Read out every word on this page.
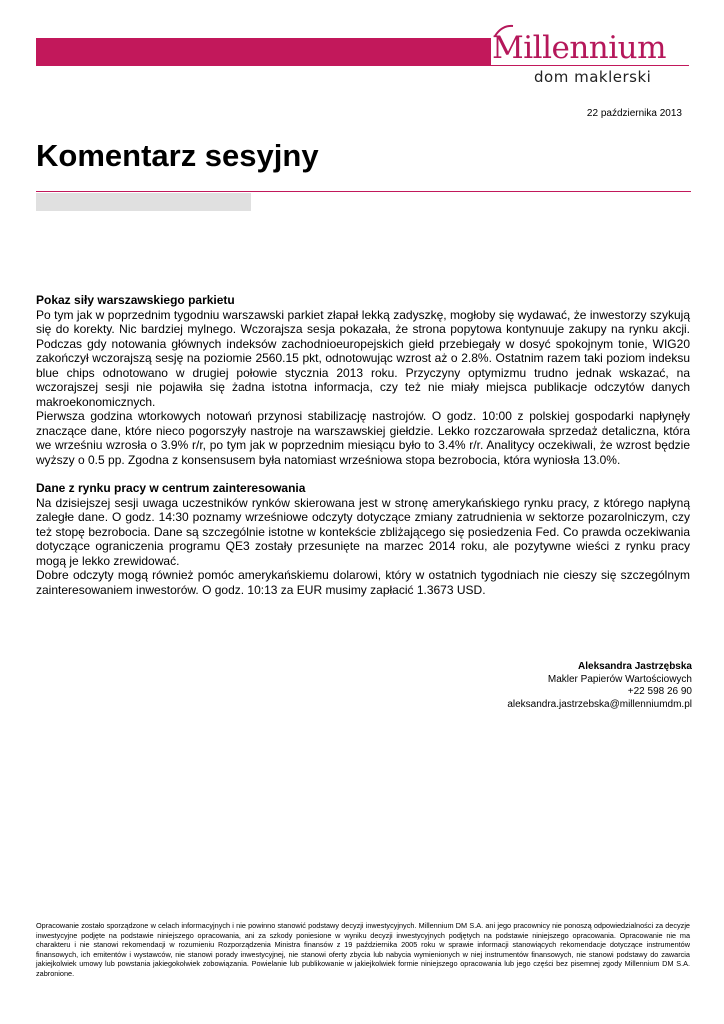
Millennium
dom maklerski
22 października 2013
Komentarz sesyjny
Pokaz siły warszawskiego parkietu
Po tym jak w poprzednim tygodniu warszawski parkiet złapał lekką zadyszkę, mogłoby się wydawać, że inwestorzy szykują się do korekty. Nic bardziej mylnego. Wczorajsza sesja pokazała, że strona popytowa kontynuuje zakupy na rynku akcji. Podczas gdy notowania głównych indeksów zachodnioeuropejskich giełd przebiegały w dosyć spokojnym tonie, WIG20 zakończył wczorajszą sesję na poziomie 2560.15 pkt, odnotowując wzrost aż o 2.8%. Ostatnim razem taki poziom indeksu blue chips odnotowano w drugiej połowie stycznia 2013 roku. Przyczyny optymizmu trudno jednak wskazać, na wczorajszej sesji nie pojawiła się żadna istotna informacja, czy też nie miały miejsca publikacje odczytów danych makroekonomicznych.
Pierwsza godzina wtorkowych notowań przynosi stabilizację nastrojów. O godz. 10:00 z polskiej gospodarki napłynęły znaczące dane, które nieco pogorszyły nastroje na warszawskiej giełdzie. Lekko rozczarowała sprzedaż detaliczna, która we wrześniu wzrosła o 3.9% r/r, po tym jak w poprzednim miesiącu było to 3.4% r/r. Analitycy oczekiwali, że wzrost będzie wyższy o 0.5 pp. Zgodna z konsensusem była natomiast wrześniowa stopa bezrobocia, która wyniosła 13.0%.
Dane z rynku pracy w centrum zainteresowania
Na dzisiejszej sesji uwaga uczestników rynków skierowana jest w stronę amerykańskiego rynku pracy, z którego napłyną zaległe dane. O godz. 14:30 poznamy wrześniowe odczyty dotyczące zmiany zatrudnienia w sektorze pozarolniczym, czy też stopę bezrobocia. Dane są szczególnie istotne w kontekście zbliżającego się posiedzenia Fed. Co prawda oczekiwania dotyczące ograniczenia programu QE3 zostały przesunięte na marzec 2014 roku, ale pozytywne wieści z rynku pracy mogą je lekko zrewidować.
Dobre odczyty mogą również pomóc amerykańskiemu dolarowi, który w ostatnich tygodniach nie cieszy się szczególnym zainteresowaniem inwestorów. O godz. 10:13 za EUR musimy zapłacić 1.3673 USD.
Aleksandra Jastrzębska
Makler Papierów Wartościowych
+22 598 26 90
aleksandra.jastrzebska@millenniumdm.pl
Opracowanie zostało sporządzone w celach informacyjnych i nie powinno stanowić podstawy decyzji inwestycyjnych. Millennium DM S.A. ani jego pracownicy nie ponoszą odpowiedzialności za decyzje inwestycyjne podjęte na podstawie niniejszego opracowania, ani za szkody poniesione w wyniku decyzji inwestycyjnych podjętych na podstawie niniejszego opracowania. Opracowanie nie ma charakteru i nie stanowi rekomendacji w rozumieniu Rozporządzenia Ministra finansów z 19 października 2005 roku w sprawie informacji stanowiących rekomendacje dotyczące instrumentów finansowych, ich emitentów i wystawców, nie stanowi porady inwestycyjnej, nie stanowi oferty zbycia lub nabycia wymienionych w niej instrumentów finansowych, nie stanowi podstawy do zawarcia jakiejkolwiek umowy lub powstania jakiegokolwiek zobowiązania. Powielanie lub publikowanie w jakiejkolwiek formie niniejszego opracowania lub jego części bez pisemnej zgody Millennium DM S.A. zabronione.
